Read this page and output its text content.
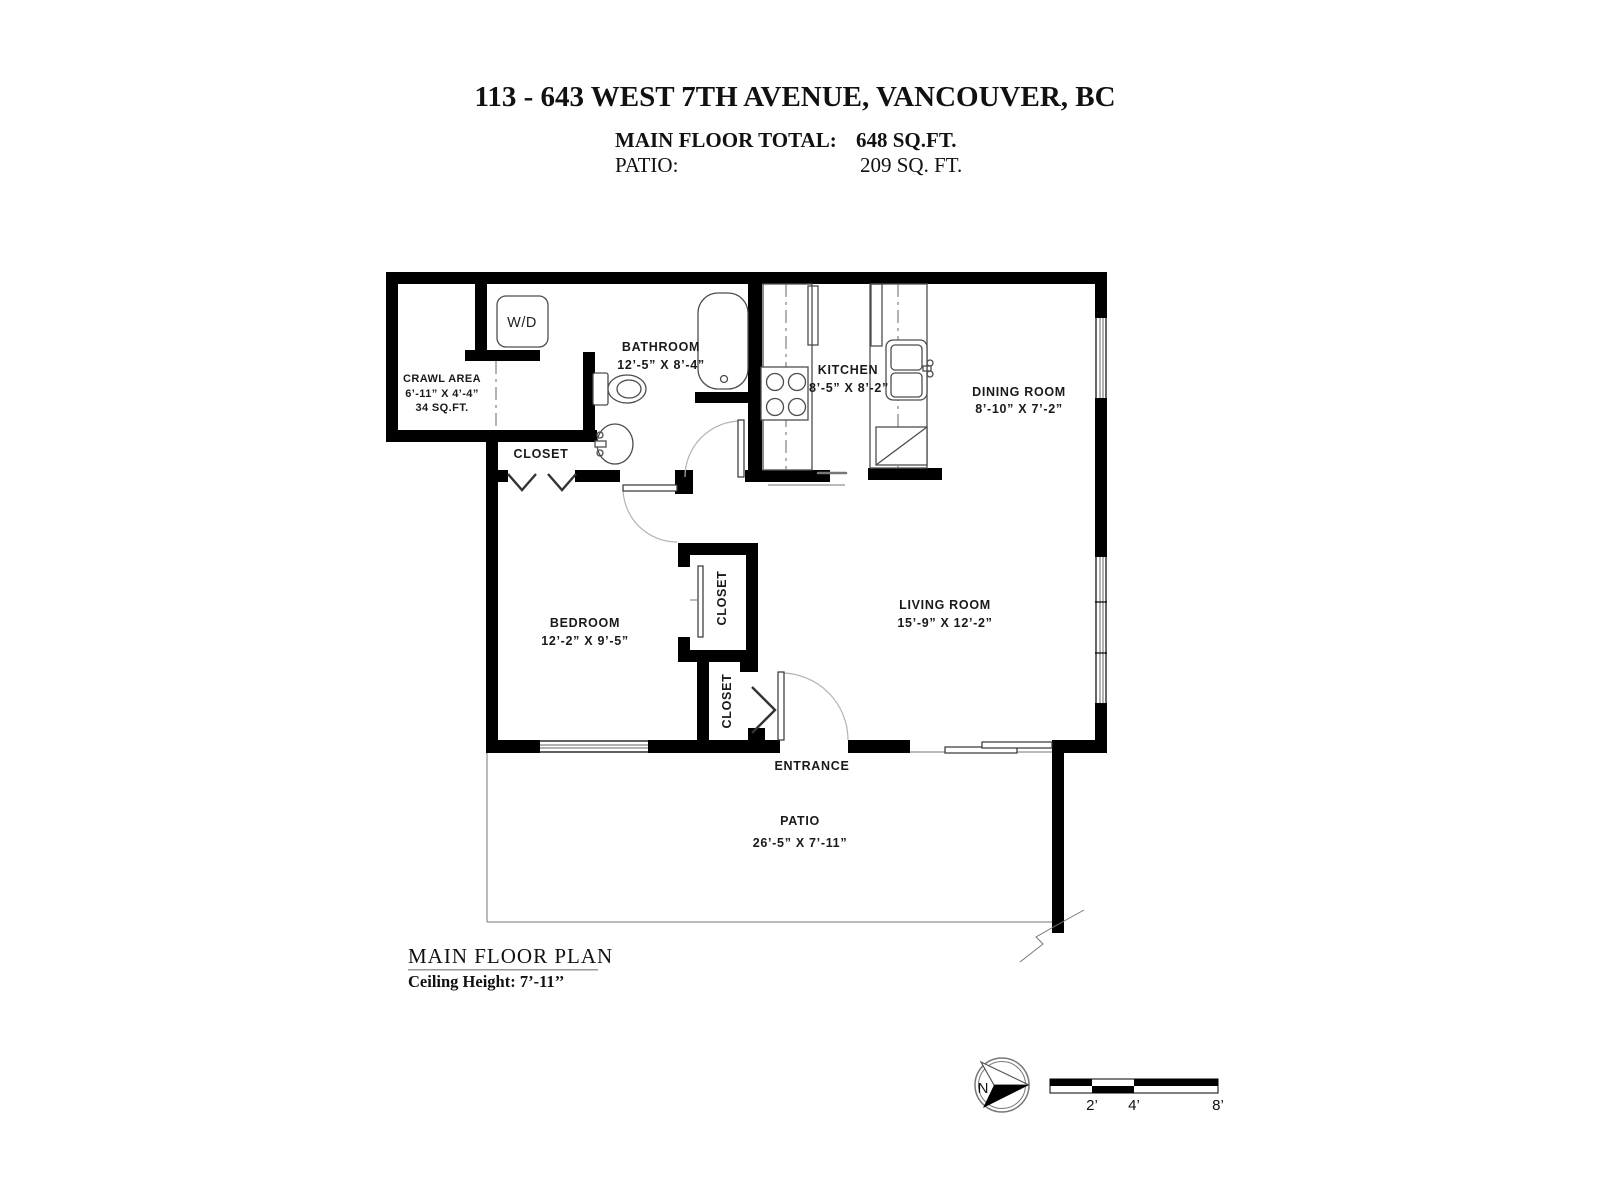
113 - 643 WEST 7TH AVENUE, VANCOUVER, BC
MAIN FLOOR TOTAL: 648 SQ.FT.
PATIO:	209 SQ. FT.
CRAWL AREA
6’-11” X 4’-4”
34 SQ.FT.
W/D
BATHROOM
12’-5” X 8’-4”	KITCHEN
8’-5” X 8’-2”	DINING ROOM
8’-10” X 7’-2”
CLOSET
BEDROOM
12’-2” X 9’-5”
CLOSET
CLOSET
LIVING ROOM
15’-9” X 12’-2”
ENTRANCE
PATIO
26’-5” X 7’-11”
MAIN FLOOR PLAN
Ceiling Height: 7’-11’’
N
2’ 4’	8’
